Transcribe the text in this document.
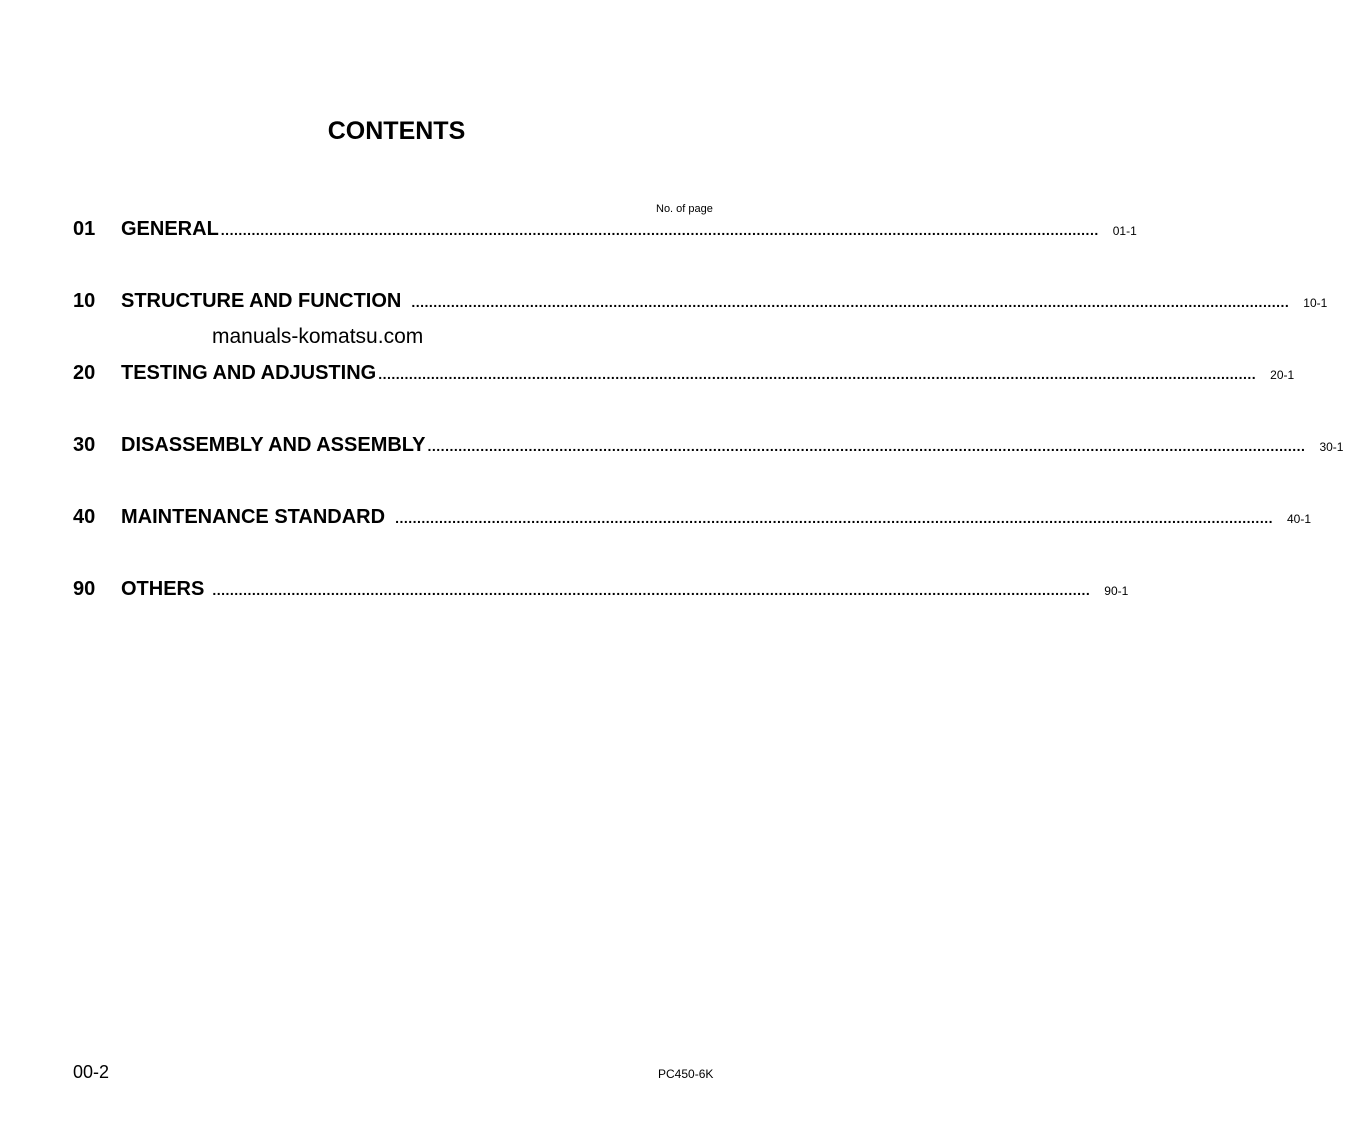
CONTENTS
No. of page
01	GENERAL ........................................................................................................................................................................................................ 01-1
10	STRUCTURE AND FUNCTION ........................................................................................................................................................................................................ 10-1
20	TESTING AND ADJUSTING ........................................................................................................................................................................................................ 20-1
30	DISASSEMBLY AND ASSEMBLY ........................................................................................................................................................................................................ 30-1
40	MAINTENANCE STANDARD ........................................................................................................................................................................................................ 40-1
90	OTHERS ........................................................................................................................................................................................................ 90-1
manuals-komatsu.com
00-2	PC450-6K
